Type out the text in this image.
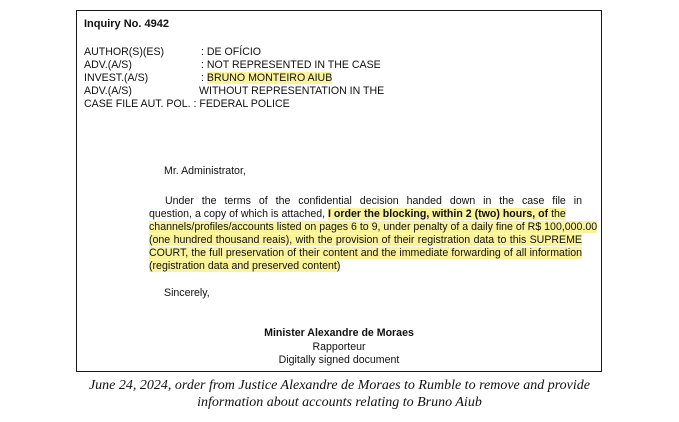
Inquiry No. 4942
AUTHOR(S)(ES)	: DE OFÍCIO
ADV.(A/S)	: NOT REPRESENTED IN THE CASE
INVEST.(A/S)	: BRUNO MONTEIRO AIUB
ADV.(A/S)	WITHOUT REPRESENTATION IN THE
CASE FILE AUT. POL. : FEDERAL POLICE
Mr. Administrator,
Under the terms of the confidential decision handed down in the case file in
question, a copy of which is attached, I order the blocking, within 2 (two) hours, of the
channels/profiles/accounts listed on pages 6 to 9, under penalty of a daily fine of R$ 100,000.00
(one hundred thousand reais), with the provision of their registration data to this SUPREME
COURT, the full preservation of their content and the immediate forwarding of all information
(registration data and preserved content)
Sincerely,
Minister Alexandre de Moraes
Rapporteur
Digitally signed document
June 24, 2024, order from Justice Alexandre de Moraes to Rumble to remove and provide
information about accounts relating to Bruno Aiub
